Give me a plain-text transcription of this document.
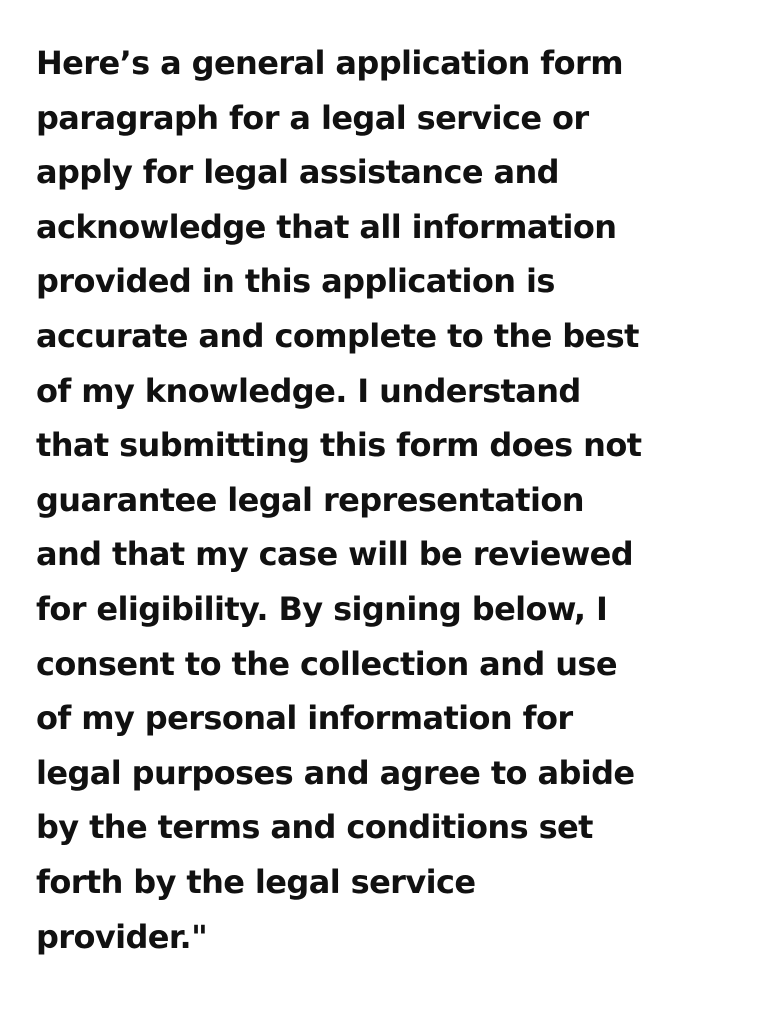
Here’s a general application form
paragraph for a legal service or
apply for legal assistance and
acknowledge that all information
provided in this application is
accurate and complete to the best
of my knowledge. I understand
that submitting this form does not
guarantee legal representation
and that my case will be reviewed
for eligibility. By signing below, I
consent to the collection and use
of my personal information for
legal purposes and agree to abide
by the terms and conditions set
forth by the legal service
provider."
